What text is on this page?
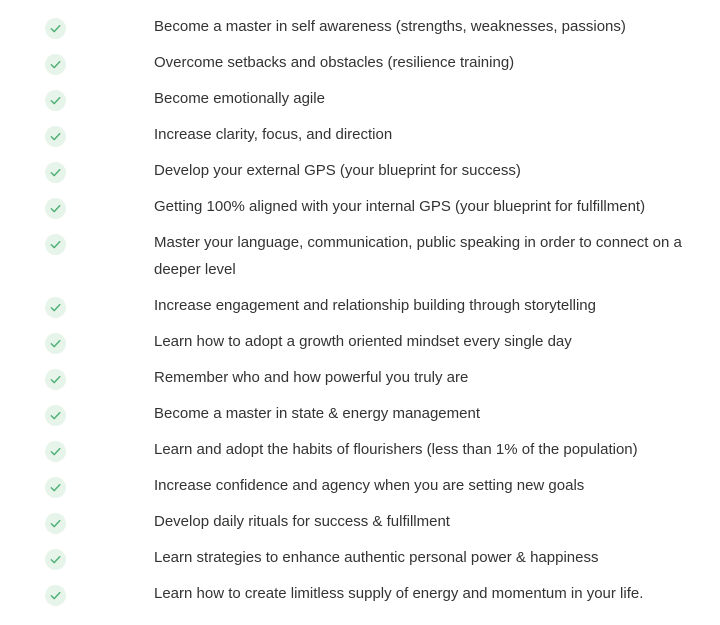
Become a master in self awareness (strengths, weaknesses, passions)
Overcome setbacks and obstacles (resilience training)
Become emotionally agile
Increase clarity, focus, and direction
Develop your external GPS (your blueprint for success)
Getting 100% aligned with your internal GPS (your blueprint for fulfillment)
Master your language, communication, public speaking in order to connect on a deeper level
Increase engagement and relationship building through storytelling
Learn how to adopt a growth oriented mindset every single day
Remember who and how powerful you truly are
Become a master in state & energy management
Learn and adopt the habits of flourishers (less than 1% of the population)
Increase confidence and agency when you are setting new goals
Develop daily rituals for success & fulfillment
Learn strategies to enhance authentic personal power & happiness
Learn how to create limitless supply of energy and momentum in your life.
